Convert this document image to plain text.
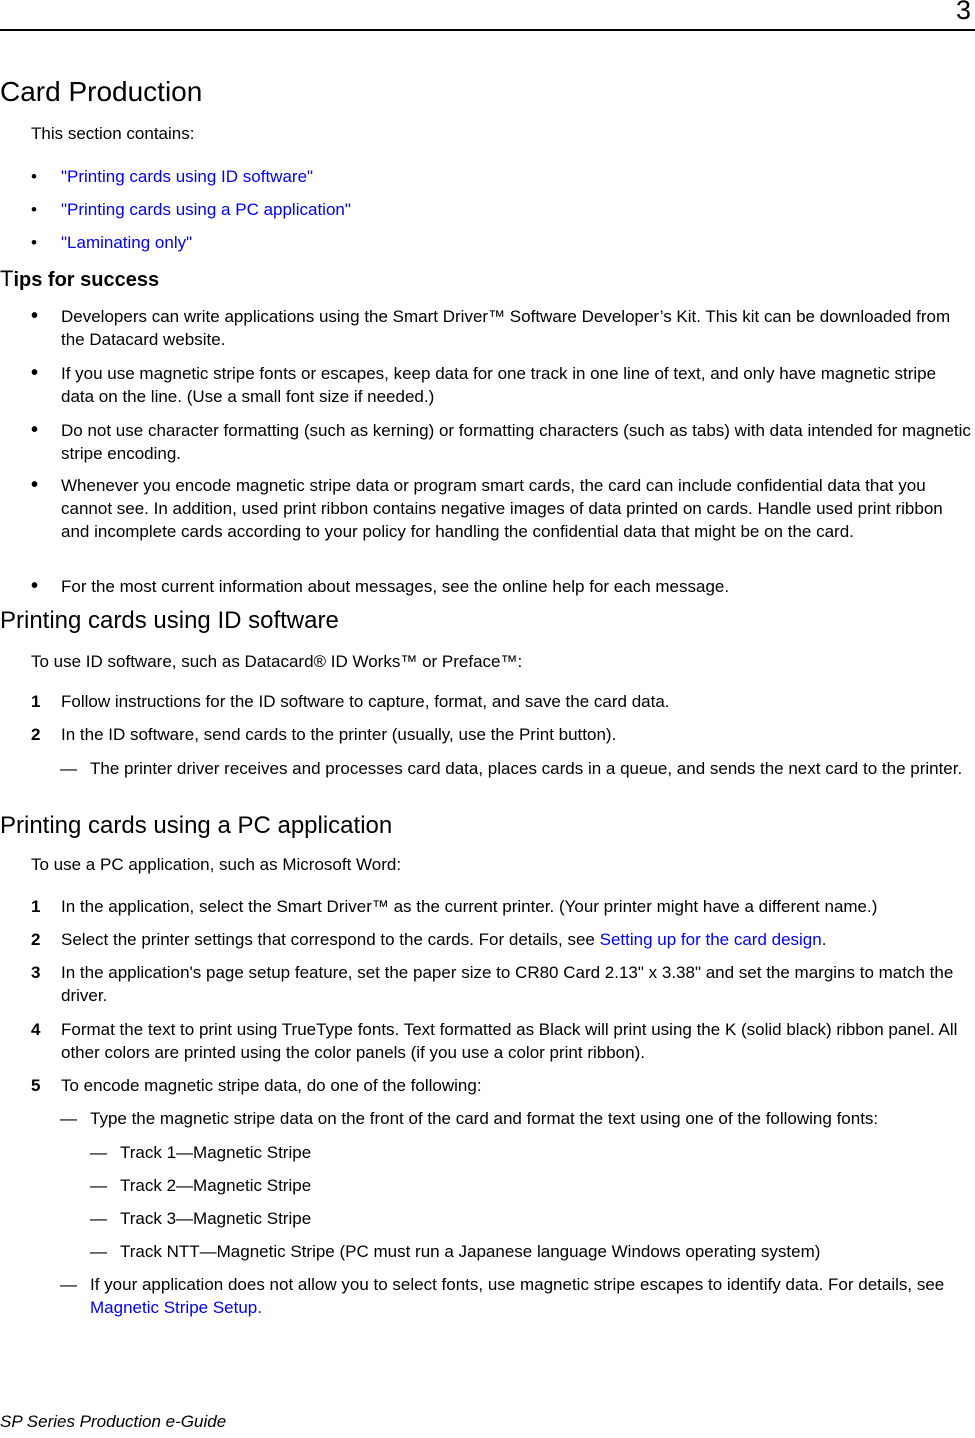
3
Card Production
This section contains:
•	"Printing cards using ID software"
•	"Printing cards using a PC application"
•	"Laminating only"
Tips for success
•	Developers can write applications using the Smart Driver™ Software Developer’s Kit. This kit can be downloaded from the Datacard website.
•	If you use magnetic stripe fonts or escapes, keep data for one track in one line of text, and only have magnetic stripe data on the line. (Use a small font size if needed.)
•	Do not use character formatting (such as kerning) or formatting characters (such as tabs) with data intended for magnetic stripe encoding.
•	Whenever you encode magnetic stripe data or program smart cards, the card can include confidential data that you cannot see. In addition, used print ribbon contains negative images of data printed on cards. Handle used print ribbon and incomplete cards according to your policy for handling the confidential data that might be on the card.
•	For the most current information about messages, see the online help for each message.
Printing cards using ID software
To use ID software, such as Datacard® ID Works™ or Preface™:
1	Follow instructions for the ID software to capture, format, and save the card data.
2	In the ID software, send cards to the printer (usually, use the Print button).
— The printer driver receives and processes card data, places cards in a queue, and sends the next card to the printer.
Printing cards using a PC application
To use a PC application, such as Microsoft Word:
1	In the application, select the Smart Driver™ as the current printer. (Your printer might have a different name.)
2	Select the printer settings that correspond to the cards. For details, see Setting up for the card design.
3	In the application's page setup feature, set the paper size to CR80 Card 2.13" x 3.38" and set the margins to match the driver.
4	Format the text to print using TrueType fonts. Text formatted as Black will print using the K (solid black) ribbon panel. All other colors are printed using the color panels (if you use a color print ribbon).
5	To encode magnetic stripe data, do one of the following:
— Type the magnetic stripe data on the front of the card and format the text using one of the following fonts:
— Track 1—Magnetic Stripe
— Track 2—Magnetic Stripe
— Track 3—Magnetic Stripe
— Track NTT—Magnetic Stripe (PC must run a Japanese language Windows operating system)
— If your application does not allow you to select fonts, use magnetic stripe escapes to identify data. For details, see Magnetic Stripe Setup.
SP Series Production e-Guide
